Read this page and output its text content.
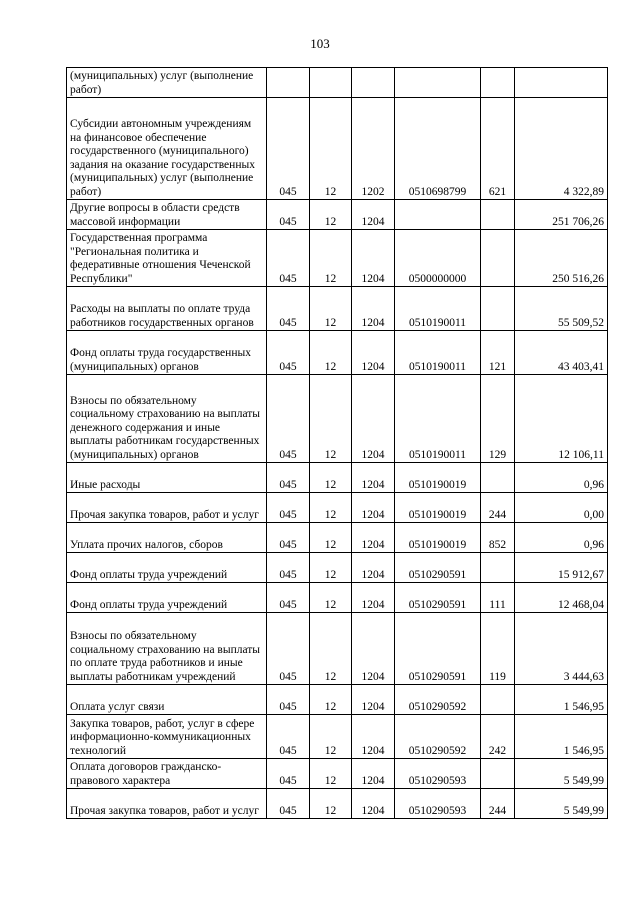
103
(муниципальных) услуг (выполнение работ)						
Субсидии автономным учреждениям на финансовое обеспечение государственного (муниципального) задания на оказание государственных (муниципальных) услуг (выполнение работ)	045	12	1202	0510698799	621	4 322,89
Другие вопросы в области средств массовой информации	045	12	1204			251 706,26
Государственная программа "Региональная политика и федеративные отношения Чеченской Республики"	045	12	1204	0500000000		250 516,26
Расходы на выплаты по оплате труда работников государственных органов	045	12	1204	0510190011		55 509,52
Фонд оплаты труда государственных (муниципальных) органов	045	12	1204	0510190011	121	43 403,41
Взносы по обязательному социальному страхованию на выплаты денежного содержания и иные выплаты работникам государственных (муниципальных) органов	045	12	1204	0510190011	129	12 106,11
Иные расходы	045	12	1204	0510190019		0,96
Прочая закупка товаров, работ и услуг	045	12	1204	0510190019	244	0,00
Уплата прочих налогов, сборов	045	12	1204	0510190019	852	0,96
Фонд оплаты труда учреждений	045	12	1204	0510290591		15 912,67
Фонд оплаты труда учреждений	045	12	1204	0510290591	111	12 468,04
Взносы по обязательному социальному страхованию на выплаты по оплате труда работников и иные выплаты работникам учреждений	045	12	1204	0510290591	119	3 444,63
Оплата услуг связи	045	12	1204	0510290592		1 546,95
Закупка товаров, работ, услуг в сфере информационно-коммуникационных технологий	045	12	1204	0510290592	242	1 546,95
Оплата договоров гражданско-правового характера	045	12	1204	0510290593		5 549,99
Прочая закупка товаров, работ и услуг	045	12	1204	0510290593	244	5 549,99
